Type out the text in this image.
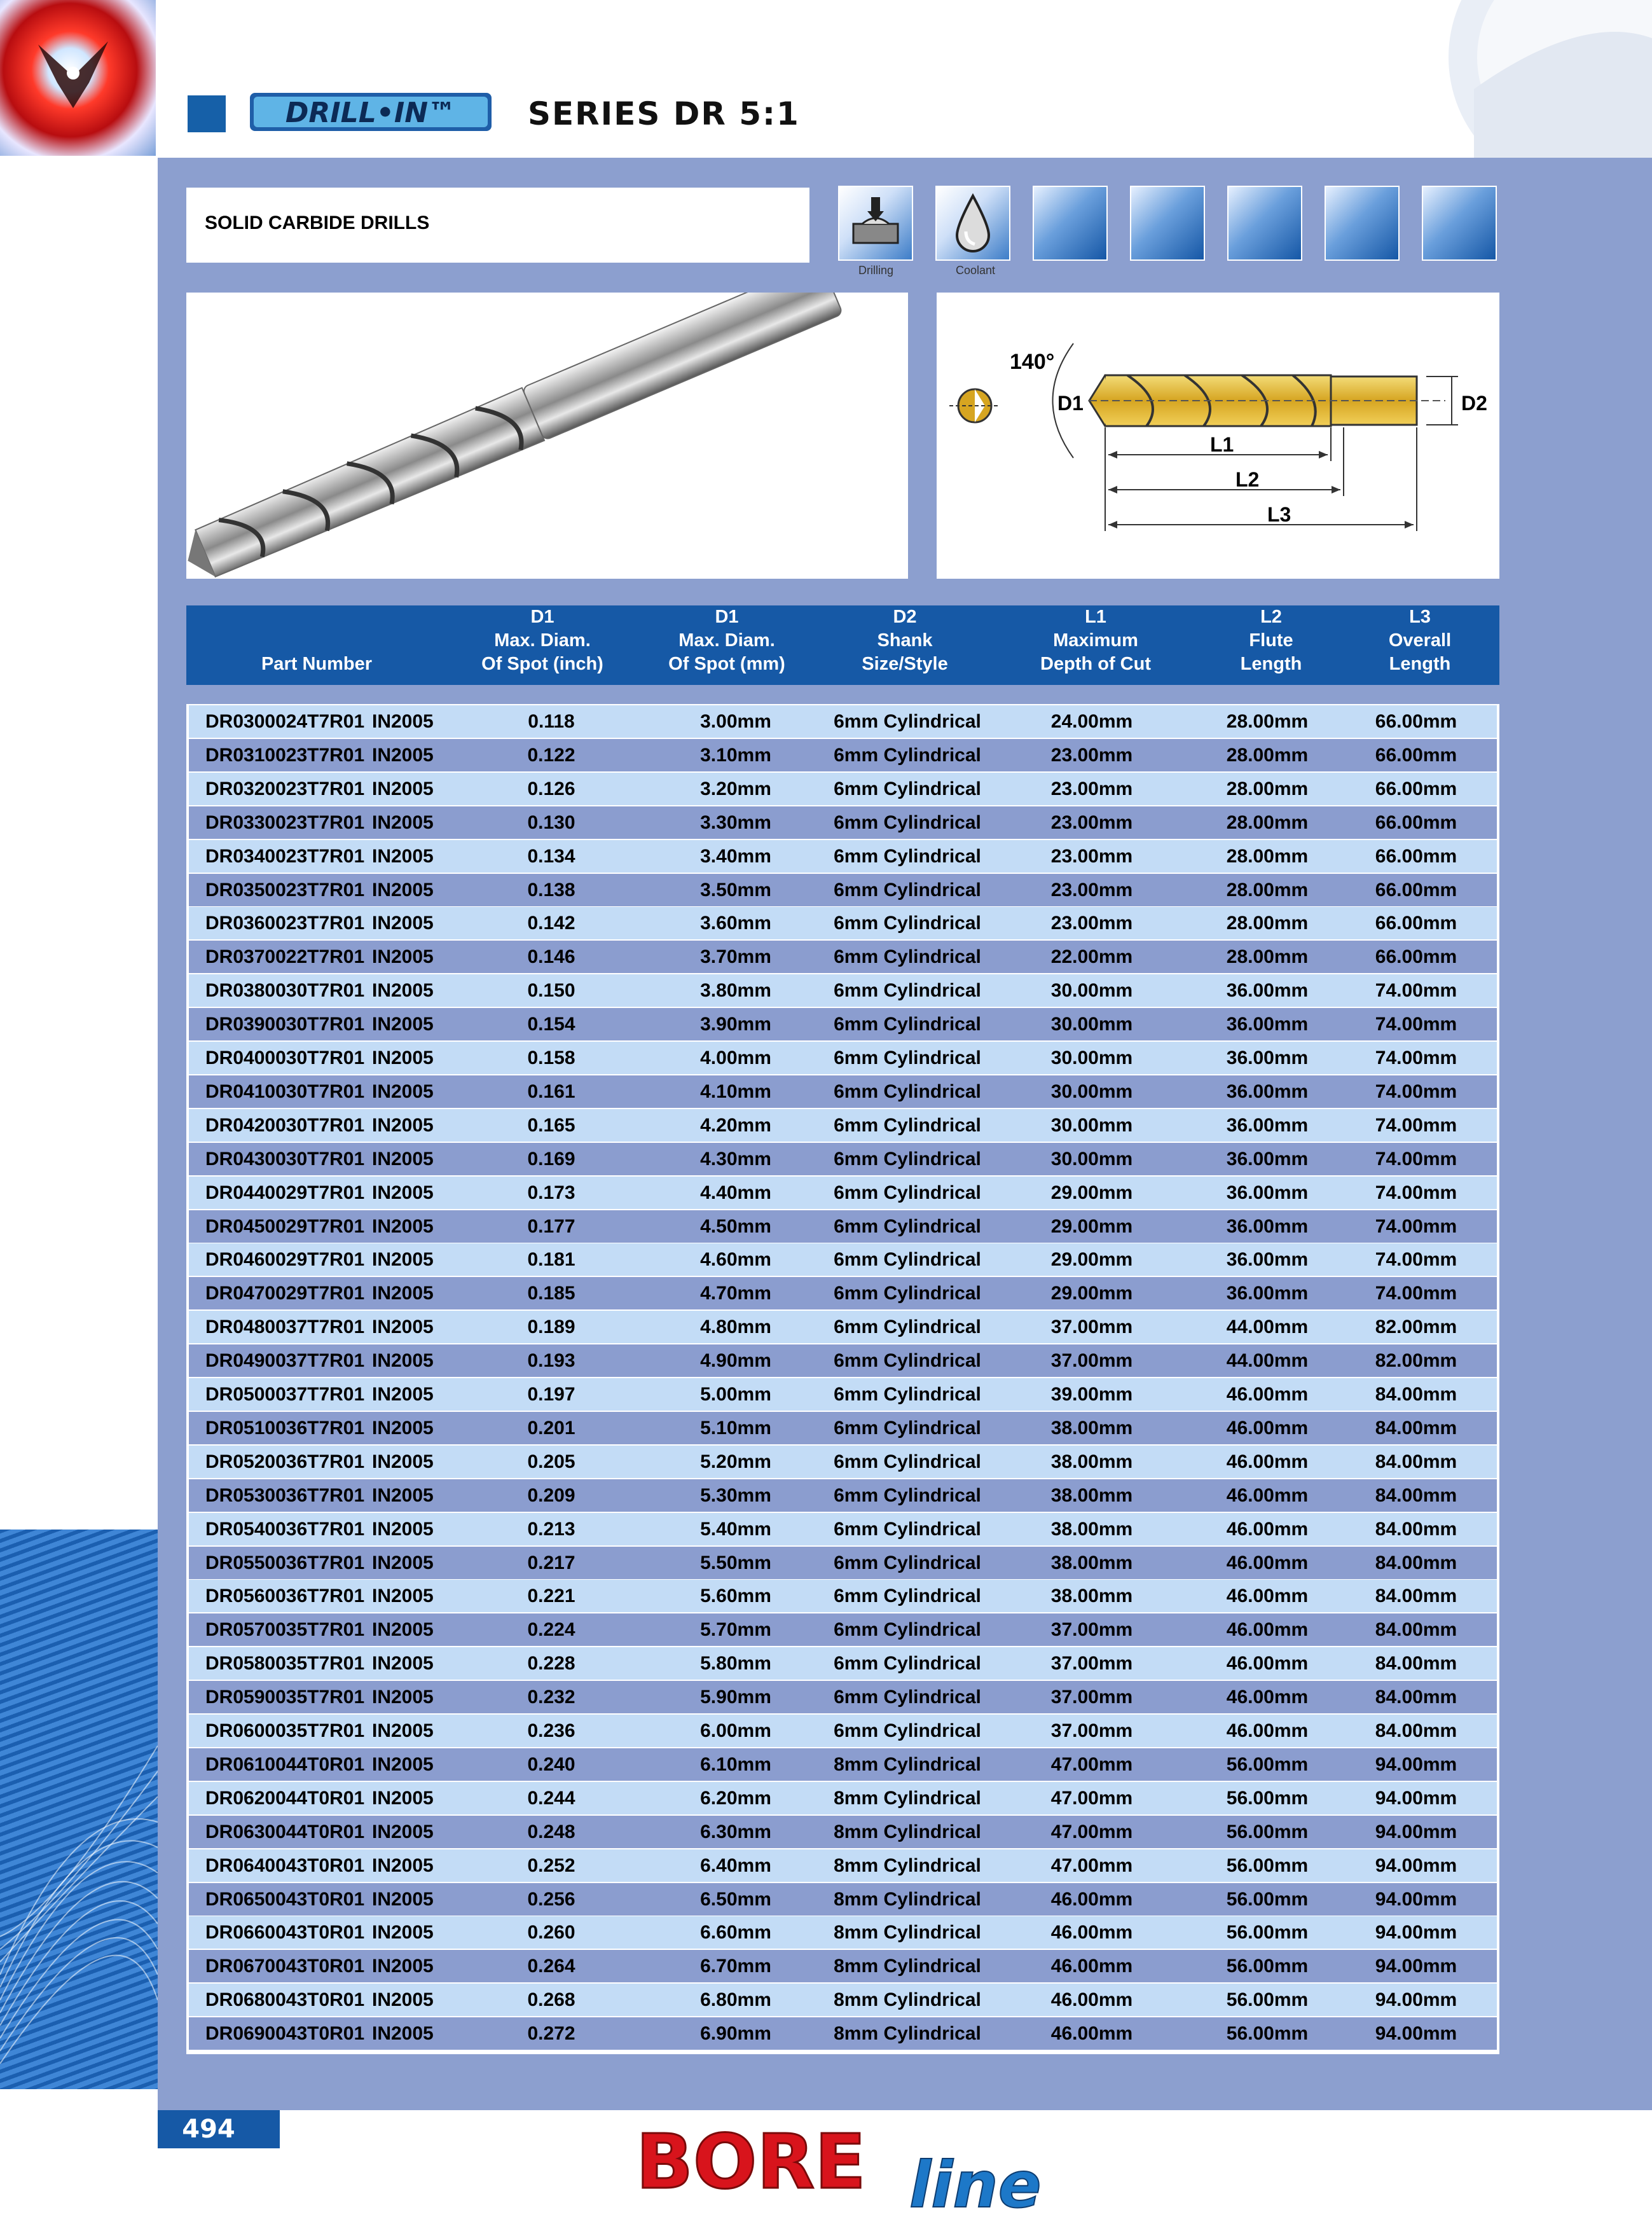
DRILL•IN™ SERIES DR 5:1
SOLID CARBIDE DRILLS
Drilling	Coolant
140°
D1	D2
L1
L2
L3
Part Number
D1
Max. Diam.
Of Spot (inch)
D1
Max. Diam.
Of Spot (mm)
D2
Shank
Size/Style
L1
Maximum
Depth of Cut
L2
Flute
Length
L3
Overall
Length
DR0300024T7R01 IN2005	0.118	3.00mm	6mm Cylindrical	24.00mm	28.00mm	66.00mm
DR0310023T7R01 IN2005	0.122	3.10mm	6mm Cylindrical	23.00mm	28.00mm	66.00mm
DR0320023T7R01 IN2005	0.126	3.20mm	6mm Cylindrical	23.00mm	28.00mm	66.00mm
DR0330023T7R01 IN2005	0.130	3.30mm	6mm Cylindrical	23.00mm	28.00mm	66.00mm
DR0340023T7R01 IN2005	0.134	3.40mm	6mm Cylindrical	23.00mm	28.00mm	66.00mm
DR0350023T7R01 IN2005	0.138	3.50mm	6mm Cylindrical	23.00mm	28.00mm	66.00mm
DR0360023T7R01 IN2005	0.142	3.60mm	6mm Cylindrical	23.00mm	28.00mm	66.00mm
DR0370022T7R01 IN2005	0.146	3.70mm	6mm Cylindrical	22.00mm	28.00mm	66.00mm
DR0380030T7R01 IN2005	0.150	3.80mm	6mm Cylindrical	30.00mm	36.00mm	74.00mm
DR0390030T7R01 IN2005	0.154	3.90mm	6mm Cylindrical	30.00mm	36.00mm	74.00mm
DR0400030T7R01 IN2005	0.158	4.00mm	6mm Cylindrical	30.00mm	36.00mm	74.00mm
DR0410030T7R01 IN2005	0.161	4.10mm	6mm Cylindrical	30.00mm	36.00mm	74.00mm
DR0420030T7R01 IN2005	0.165	4.20mm	6mm Cylindrical	30.00mm	36.00mm	74.00mm
DR0430030T7R01 IN2005	0.169	4.30mm	6mm Cylindrical	30.00mm	36.00mm	74.00mm
DR0440029T7R01 IN2005	0.173	4.40mm	6mm Cylindrical	29.00mm	36.00mm	74.00mm
DR0450029T7R01 IN2005	0.177	4.50mm	6mm Cylindrical	29.00mm	36.00mm	74.00mm
DR0460029T7R01 IN2005	0.181	4.60mm	6mm Cylindrical	29.00mm	36.00mm	74.00mm
DR0470029T7R01 IN2005	0.185	4.70mm	6mm Cylindrical	29.00mm	36.00mm	74.00mm
DR0480037T7R01 IN2005	0.189	4.80mm	6mm Cylindrical	37.00mm	44.00mm	82.00mm
DR0490037T7R01 IN2005	0.193	4.90mm	6mm Cylindrical	37.00mm	44.00mm	82.00mm
DR0500037T7R01 IN2005	0.197	5.00mm	6mm Cylindrical	39.00mm	46.00mm	84.00mm
DR0510036T7R01 IN2005	0.201	5.10mm	6mm Cylindrical	38.00mm	46.00mm	84.00mm
DR0520036T7R01 IN2005	0.205	5.20mm	6mm Cylindrical	38.00mm	46.00mm	84.00mm
DR0530036T7R01 IN2005	0.209	5.30mm	6mm Cylindrical	38.00mm	46.00mm	84.00mm
DR0540036T7R01 IN2005	0.213	5.40mm	6mm Cylindrical	38.00mm	46.00mm	84.00mm
DR0550036T7R01 IN2005	0.217	5.50mm	6mm Cylindrical	38.00mm	46.00mm	84.00mm
DR0560036T7R01 IN2005	0.221	5.60mm	6mm Cylindrical	38.00mm	46.00mm	84.00mm
DR0570035T7R01 IN2005	0.224	5.70mm	6mm Cylindrical	37.00mm	46.00mm	84.00mm
DR0580035T7R01 IN2005	0.228	5.80mm	6mm Cylindrical	37.00mm	46.00mm	84.00mm
DR0590035T7R01 IN2005	0.232	5.90mm	6mm Cylindrical	37.00mm	46.00mm	84.00mm
DR0600035T7R01 IN2005	0.236	6.00mm	6mm Cylindrical	37.00mm	46.00mm	84.00mm
DR0610044T0R01 IN2005	0.240	6.10mm	8mm Cylindrical	47.00mm	56.00mm	94.00mm
DR0620044T0R01 IN2005	0.244	6.20mm	8mm Cylindrical	47.00mm	56.00mm	94.00mm
DR0630044T0R01 IN2005	0.248	6.30mm	8mm Cylindrical	47.00mm	56.00mm	94.00mm
DR0640043T0R01 IN2005	0.252	6.40mm	8mm Cylindrical	47.00mm	56.00mm	94.00mm
DR0650043T0R01 IN2005	0.256	6.50mm	8mm Cylindrical	46.00mm	56.00mm	94.00mm
DR0660043T0R01 IN2005	0.260	6.60mm	8mm Cylindrical	46.00mm	56.00mm	94.00mm
DR0670043T0R01 IN2005	0.264	6.70mm	8mm Cylindrical	46.00mm	56.00mm	94.00mm
DR0680043T0R01 IN2005	0.268	6.80mm	8mm Cylindrical	46.00mm	56.00mm	94.00mm
DR0690043T0R01 IN2005	0.272	6.90mm	8mm Cylindrical	46.00mm	56.00mm	94.00mm
494	BORE line
